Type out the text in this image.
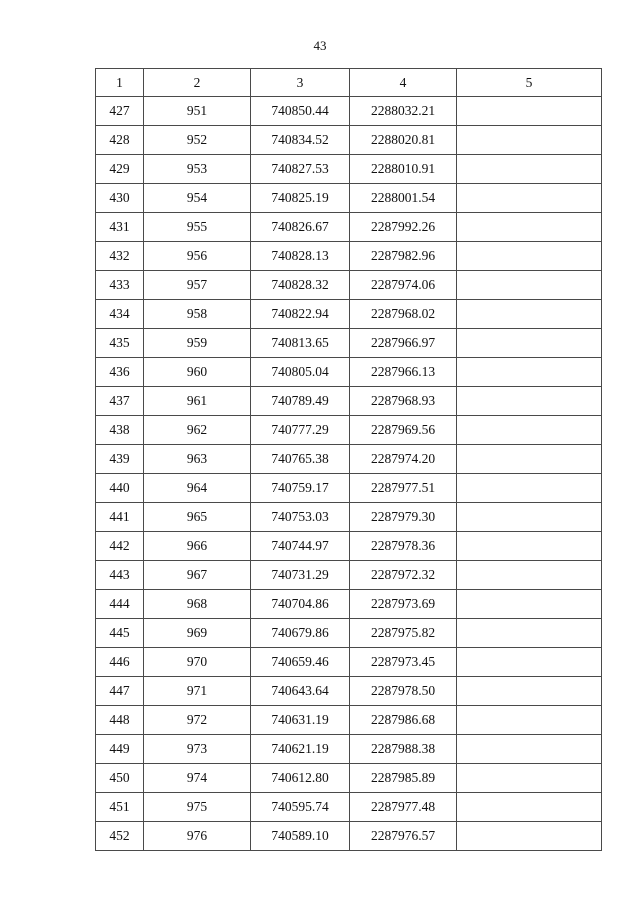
43
1	2	3	4	5
427	951	740850.44	2288032.21	
428	952	740834.52	2288020.81	
429	953	740827.53	2288010.91	
430	954	740825.19	2288001.54	
431	955	740826.67	2287992.26	
432	956	740828.13	2287982.96	
433	957	740828.32	2287974.06	
434	958	740822.94	2287968.02	
435	959	740813.65	2287966.97	
436	960	740805.04	2287966.13	
437	961	740789.49	2287968.93	
438	962	740777.29	2287969.56	
439	963	740765.38	2287974.20	
440	964	740759.17	2287977.51	
441	965	740753.03	2287979.30	
442	966	740744.97	2287978.36	
443	967	740731.29	2287972.32	
444	968	740704.86	2287973.69	
445	969	740679.86	2287975.82	
446	970	740659.46	2287973.45	
447	971	740643.64	2287978.50	
448	972	740631.19	2287986.68	
449	973	740621.19	2287988.38	
450	974	740612.80	2287985.89	
451	975	740595.74	2287977.48	
452	976	740589.10	2287976.57	
